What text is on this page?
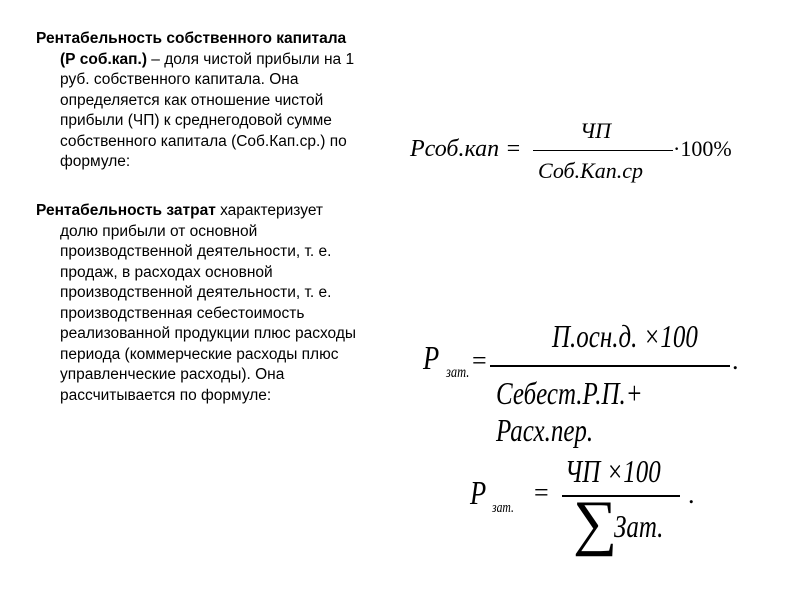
Рентабельность собственного капитала
(Р соб.кап.) – доля чистой прибыли на 1
руб. собственного капитала. Она
определяется как отношение чистой
прибыли (ЧП) к среднегодовой сумме
собственного капитала (Соб.Кап.ср.) по
формуле:
Рентабельность затрат характеризует
долю прибыли от основной
производственной деятельности, т. е.
продаж, в расходах основной
производственной деятельности, т. е.
производственная себестоимость
реализованной продукции плюс расходы
периода (коммерческие расходы плюс
управленческие расходы). Она
рассчитывается по формуле:
Рсоб.кап =
ЧП
Соб.Кап.ср
·100%
Р зат. =
П.осн.д. ×100
Себест.Р.П.+ Расх.пер.
.
Р зат.
=
ЧП ×100
∑
Зат.
.
